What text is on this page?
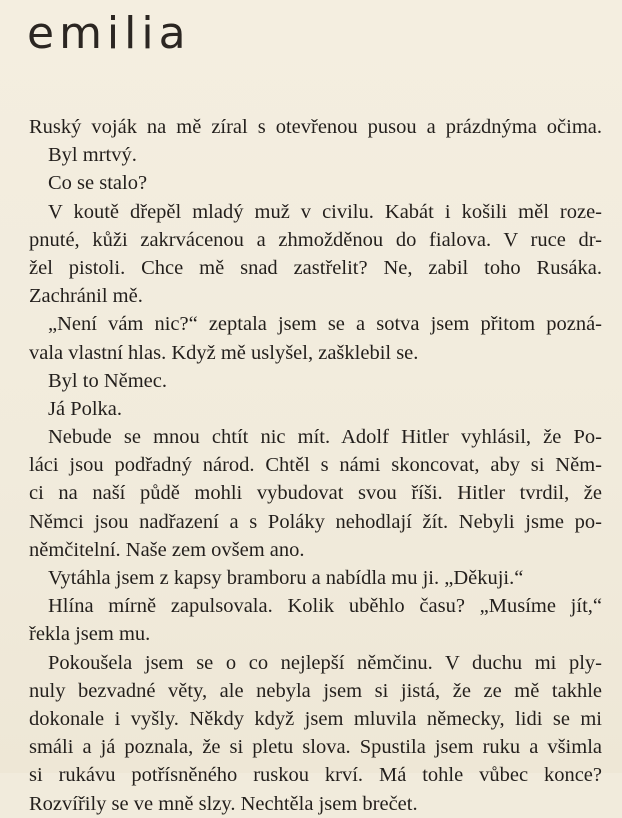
emilia
Ruský voják na mě zíral s otevřenou pusou a prázdnýma očima.
Byl mrtvý.
Co se stalo?
V koutě dřepěl mladý muž v civilu. Kabát i košili měl roze-
pnuté, kůži zakrvácenou a zhmožděnou do fialova. V ruce dr-
žel pistoli. Chce mě snad zastřelit? Ne, zabil toho Rusáka.
Zachránil mě.
„Není vám nic?“ zeptala jsem se a sotva jsem přitom pozná-
vala vlastní hlas. Když mě uslyšel, zašklebil se.
Byl to Němec.
Já Polka.
Nebude se mnou chtít nic mít. Adolf Hitler vyhlásil, že Po-
láci jsou podřadný národ. Chtěl s námi skoncovat, aby si Něm-
ci na naší půdě mohli vybudovat svou říši. Hitler tvrdil, že
Němci jsou nadřazení a s Poláky nehodlají žít. Nebyli jsme po-
němčitelní. Naše zem ovšem ano.
Vytáhla jsem z kapsy bramboru a nabídla mu ji. „Děkuji.“
Hlína mírně zapulsovala. Kolik uběhlo času? „Musíme jít,“
řekla jsem mu.
Pokoušela jsem se o co nejlepší němčinu. V duchu mi ply-
nuly bezvadné věty, ale nebyla jsem si jistá, že ze mě takhle
dokonale i vyšly. Někdy když jsem mluvila německy, lidi se mi
smáli a já poznala, že si pletu slova. Spustila jsem ruku a všimla
si rukávu potřísněného ruskou krví. Má tohle vůbec konce?
Rozvířily se ve mně slzy. Nechtěla jsem brečet.
